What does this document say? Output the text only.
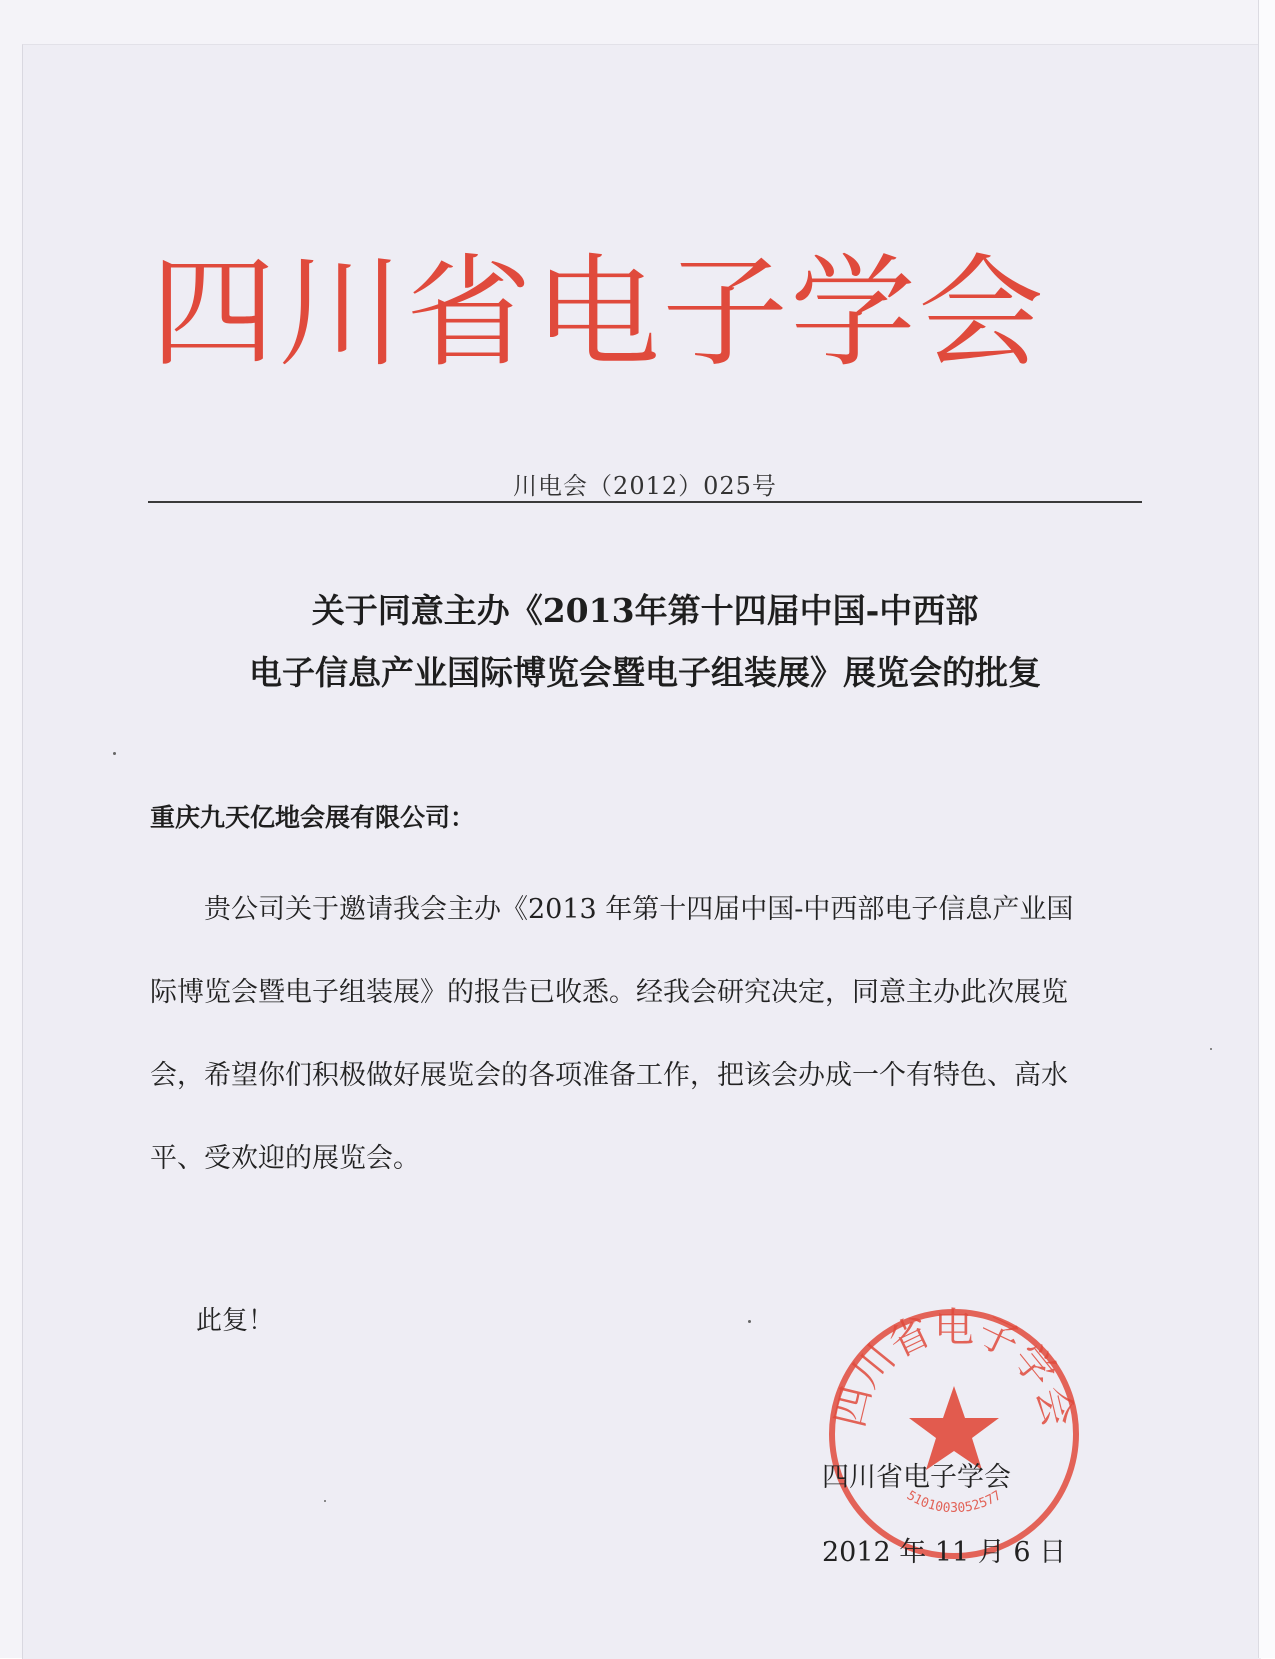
四川省电子学会
川电会（2012）025号
关于同意主办《2013年第十四届中国-中西部
电子信息产业国际博览会暨电子组装展》展览会的批复
重庆九天亿地会展有限公司：
贵公司关于邀请我会主办《2013 年第十四届中国-中西部电子信息产业国
际博览会暨电子组装展》的报告已收悉。经我会研究决定，同意主办此次展览
会，希望你们积极做好展览会的各项准备工作，把该会办成一个有特色、高水
平、受欢迎的展览会。
此复！
四川省电子学会
5101003052577
四川省电子学会
2012 年 11 月 6 日
